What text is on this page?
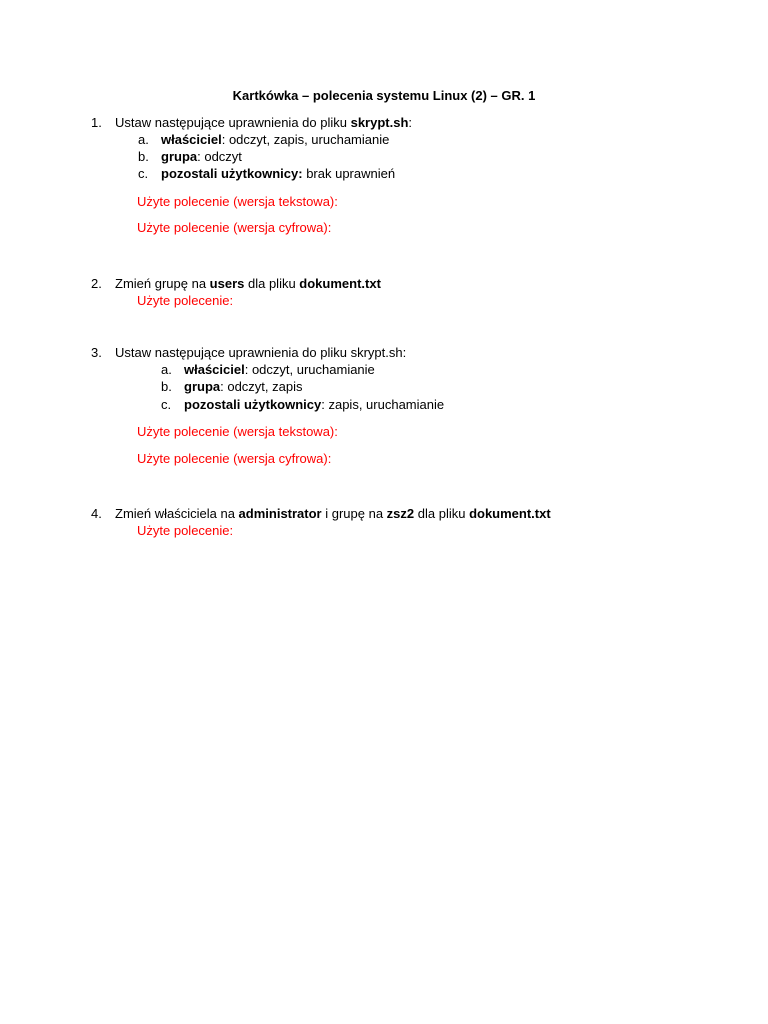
Kartkówka – polecenia systemu Linux (2) – GR. 1
1. Ustaw następujące uprawnienia do pliku skrypt.sh:
a. właściciel: odczyt, zapis, uruchamianie
b. grupa: odczyt
c. pozostali użytkownicy: brak uprawnień
Użyte polecenie (wersja tekstowa):
Użyte polecenie (wersja cyfrowa):
2. Zmień grupę na users dla pliku dokument.txt
Użyte polecenie:
3. Ustaw następujące uprawnienia do pliku skrypt.sh:
a. właściciel: odczyt, uruchamianie
b. grupa: odczyt, zapis
c. pozostali użytkownicy: zapis, uruchamianie
Użyte polecenie (wersja tekstowa):
Użyte polecenie (wersja cyfrowa):
4. Zmień właściciela na administrator i grupę na zsz2 dla pliku dokument.txt
Użyte polecenie:
